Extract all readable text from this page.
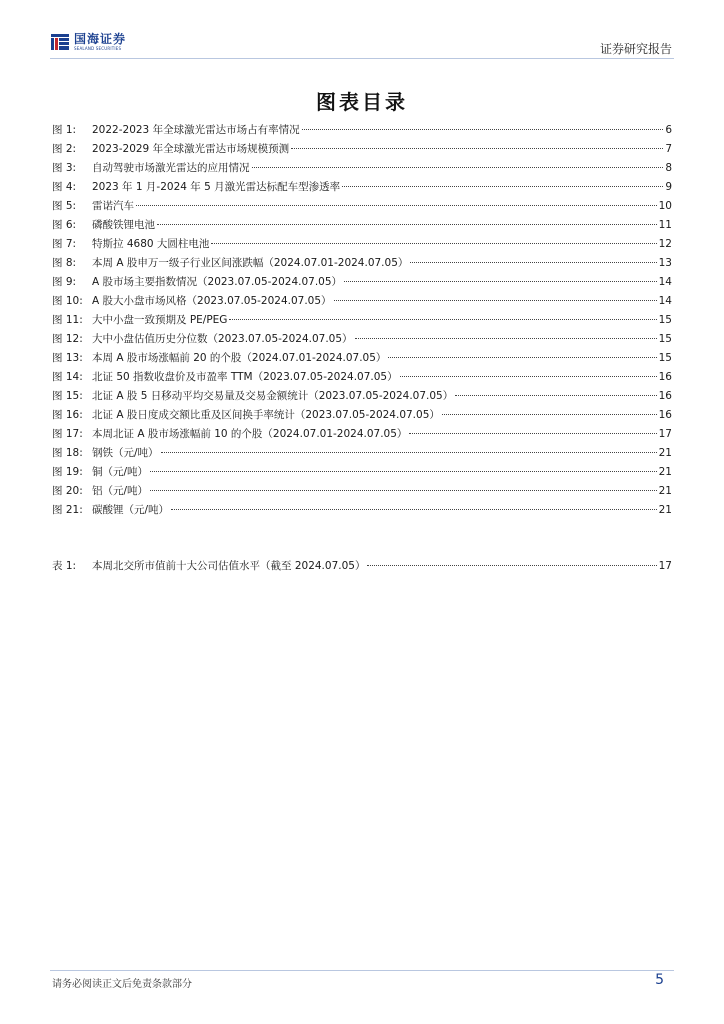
国海证券
SEALAND SECURITIES	证券研究报告
图表目录
图 1:	2022-2023 年全球激光雷达市场占有率情况	6
图 2:	2023-2029 年全球激光雷达市场规模预测	7
图 3:	自动驾驶市场激光雷达的应用情况	8
图 4:	2023 年 1 月-2024 年 5 月激光雷达标配车型渗透率	9
图 5:	雷诺汽车	10
图 6:	磷酸铁锂电池	11
图 7:	特斯拉 4680 大圆柱电池	12
图 8:	本周 A 股申万一级子行业区间涨跌幅（2024.07.01-2024.07.05）	13
图 9:	A 股市场主要指数情况（2023.07.05-2024.07.05）	14
图 10: A 股大小盘市场风格（2023.07.05-2024.07.05）	14
图 11: 大中小盘一致预期及 PE/PEG	15
图 12: 大中小盘估值历史分位数（2023.07.05-2024.07.05）	15
图 13: 本周 A 股市场涨幅前 20 的个股（2024.07.01-2024.07.05）	15
图 14: 北证 50 指数收盘价及市盈率 TTM（2023.07.05-2024.07.05）	16
图 15: 北证 A 股 5 日移动平均交易量及交易金额统计（2023.07.05-2024.07.05）	16
图 16: 北证 A 股日度成交额比重及区间换手率统计（2023.07.05-2024.07.05）	16
图 17: 本周北证 A 股市场涨幅前 10 的个股（2024.07.01-2024.07.05）	17
图 18: 钢铁（元/吨）	21
图 19: 铜（元/吨）	21
图 20: 铝（元/吨）	21
图 21: 碳酸锂（元/吨）	21
表 1:	本周北交所市值前十大公司估值水平（截至 2024.07.05）	17
请务必阅读正文后免责条款部分	5
